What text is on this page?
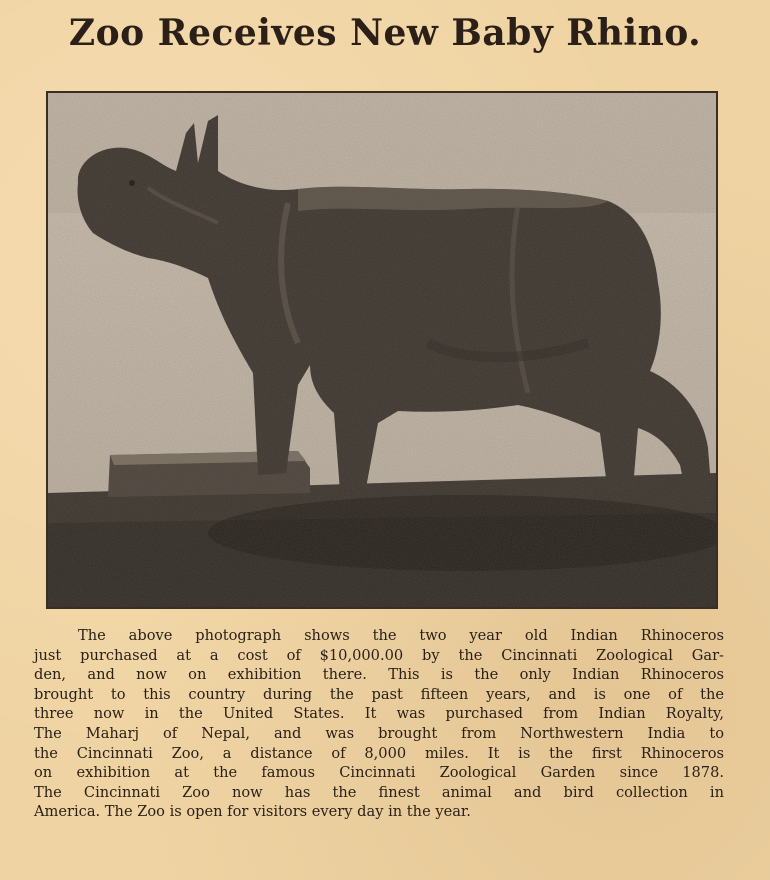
Zoo Receives New Baby Rhino.
The above photograph shows the two year old Indian Rhinoceros
just purchased at a cost of $10,000.00 by the Cincinnati Zoological Gar-
den, and now on exhibition there. This is the only Indian Rhinoceros
brought to this country during the past fifteen years, and is one of the
three now in the United States. It was purchased from Indian Royalty,
The Maharj of Nepal, and was brought from Northwestern India to
the Cincinnati Zoo, a distance of 8,000 miles. It is the first Rhinoceros
on exhibition at the famous Cincinnati Zoological Garden since 1878.
The Cincinnati Zoo now has the finest animal and bird collection in
America. The Zoo is open for visitors every day in the year.
